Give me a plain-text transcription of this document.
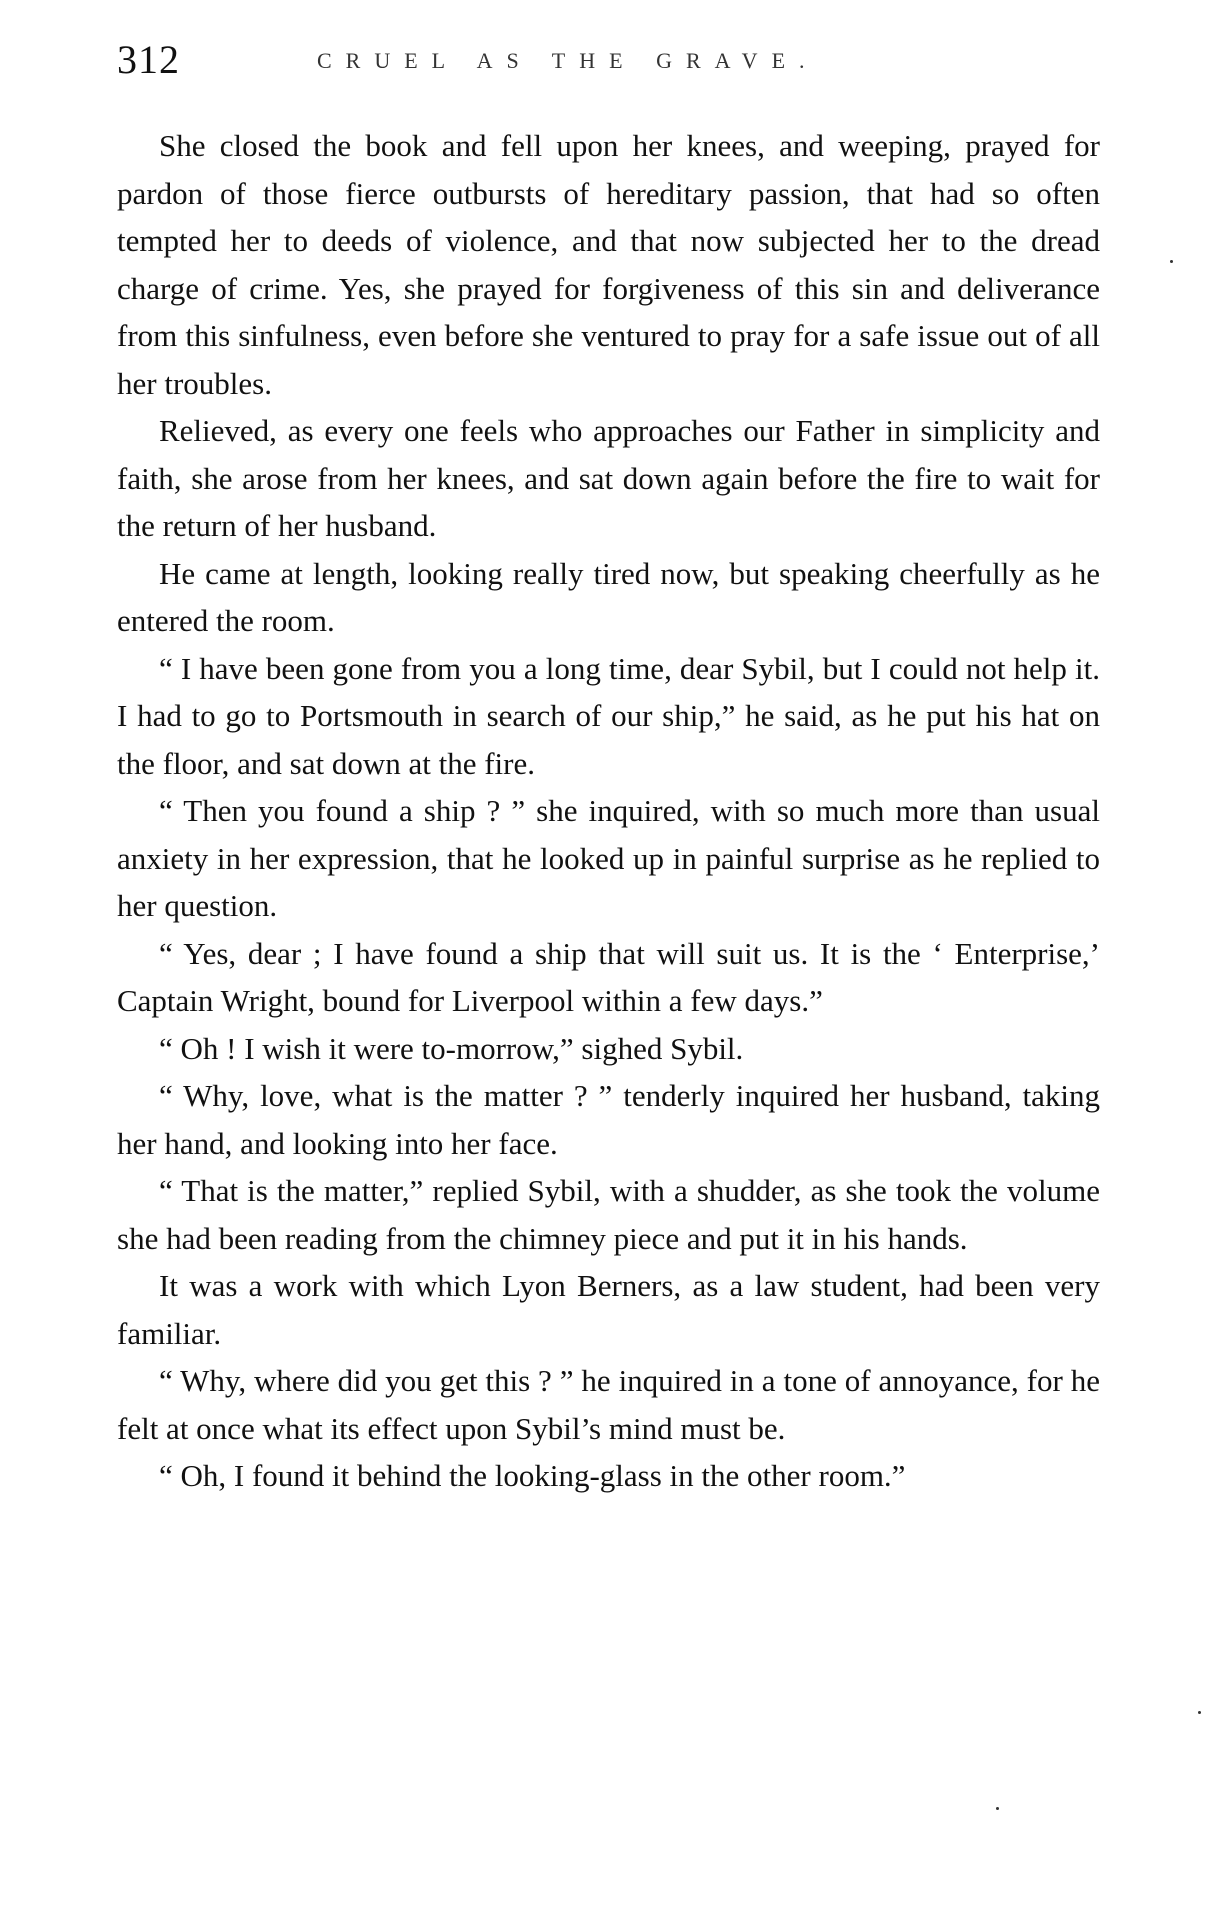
312	CRUEL AS THE GRAVE.

She closed the book and fell upon her knees, and weeping, prayed for pardon of those fierce outbursts of hereditary passion, that had so often tempted her to deeds of violence, and that now subjected her to the dread charge of crime. Yes, she prayed for forgiveness of this sin and deliverance from this sinfulness, even before she ventured to pray for a safe issue out of all her troubles.

Relieved, as every one feels who approaches our Father in simplicity and faith, she arose from her knees, and sat down again before the fire to wait for the return of her husband.

He came at length, looking really tired now, but speaking cheerfully as he entered the room.

“ I have been gone from you a long time, dear Sybil, but I could not help it. I had to go to Portsmouth in search of our ship,” he said, as he put his hat on the floor, and sat down at the fire.

“ Then you found a ship ? ” she inquired, with so much more than usual anxiety in her expression, that he looked up in painful surprise as he replied to her question.

“ Yes, dear ; I have found a ship that will suit us. It is the ‘ Enterprise,’ Captain Wright, bound for Liverpool within a few days.”

“ Oh ! I wish it were to-morrow,” sighed Sybil.

“ Why, love, what is the matter ? ” tenderly inquired her husband, taking her hand, and looking into her face.

“ That is the matter,” replied Sybil, with a shudder, as she took the volume she had been reading from the chimney piece and put it in his hands.

It was a work with which Lyon Berners, as a law student, had been very familiar.

“ Why, where did you get this ? ” he inquired in a tone of annoyance, for he felt at once what its effect upon Sybil’s mind must be.

“ Oh, I found it behind the looking-glass in the other room.”
